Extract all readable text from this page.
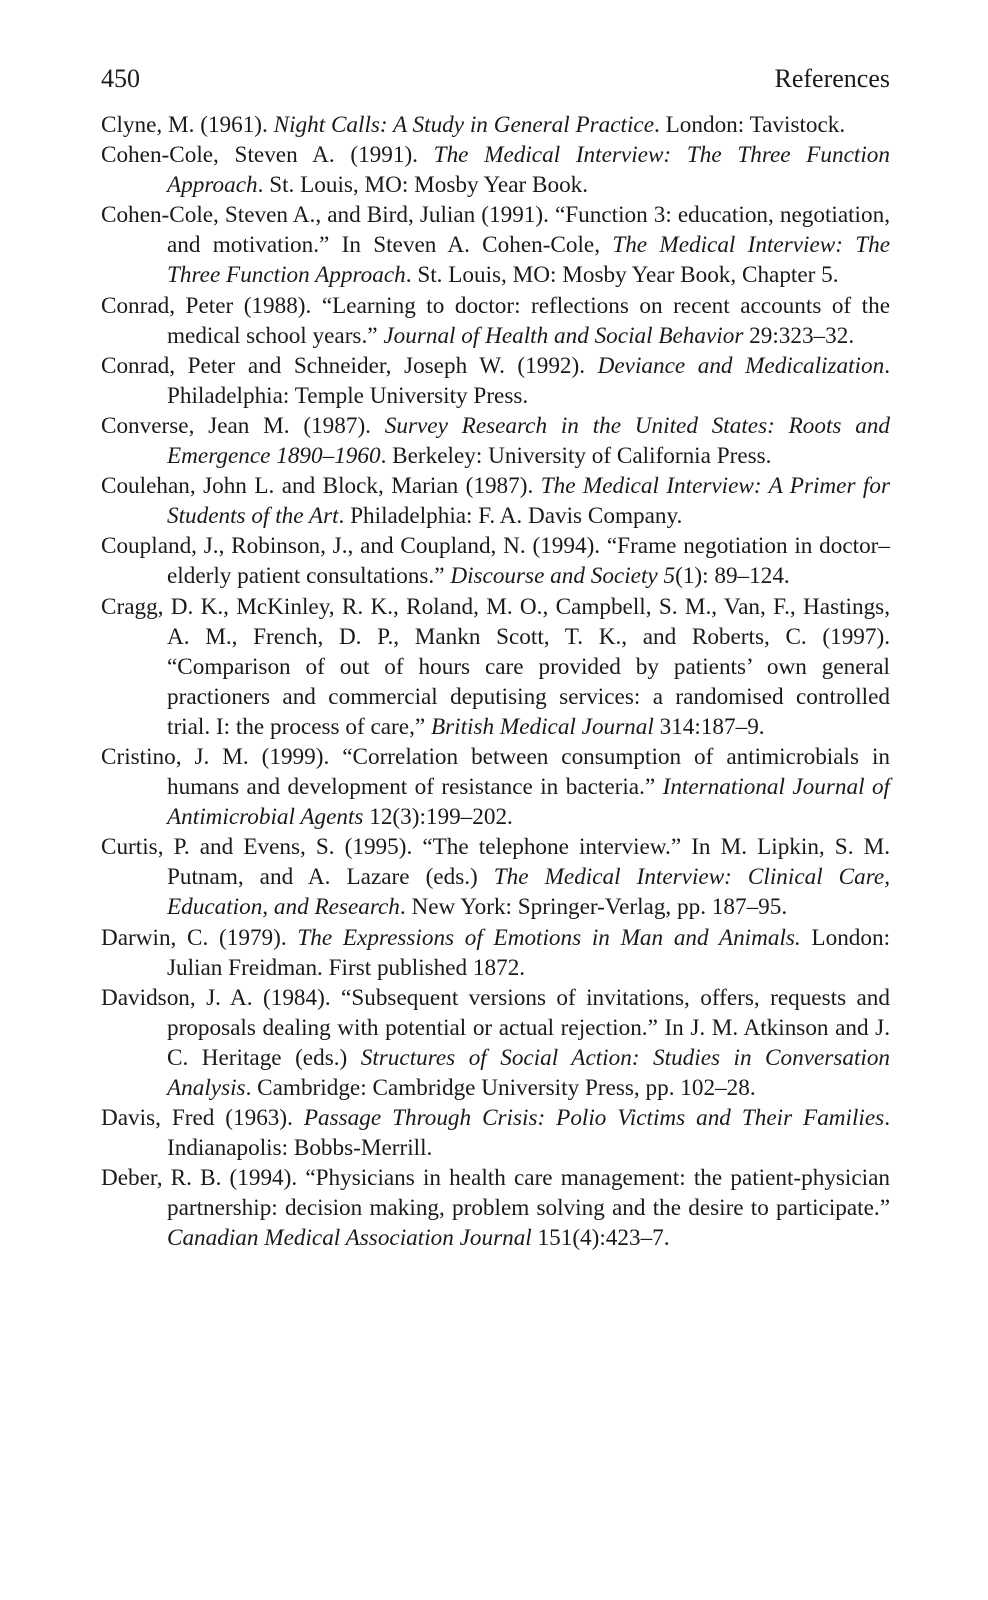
450	References
Clyne, M. (1961). Night Calls: A Study in General Practice. London: Tavistock.
Cohen-Cole, Steven A. (1991). The Medical Interview: The Three Function Approach. St. Louis, MO: Mosby Year Book.
Cohen-Cole, Steven A., and Bird, Julian (1991). “Function 3: education, negotiation, and motivation.” In Steven A. Cohen-Cole, The Medical Interview: The Three Function Approach. St. Louis, MO: Mosby Year Book, Chapter 5.
Conrad, Peter (1988). “Learning to doctor: reflections on recent accounts of the medical school years.” Journal of Health and Social Behavior 29:323–32.
Conrad, Peter and Schneider, Joseph W. (1992). Deviance and Medicalization. Philadelphia: Temple University Press.
Converse, Jean M. (1987). Survey Research in the United States: Roots and Emergence 1890–1960. Berkeley: University of California Press.
Coulehan, John L. and Block, Marian (1987). The Medical Interview: A Primer for Students of the Art. Philadelphia: F. A. Davis Company.
Coupland, J., Robinson, J., and Coupland, N. (1994). “Frame negotiation in doctor–elderly patient consultations.” Discourse and Society 5(1): 89–124.
Cragg, D. K., McKinley, R. K., Roland, M. O., Campbell, S. M., Van, F., Hastings, A. M., French, D. P., Mankn Scott, T. K., and Roberts, C. (1997). “Comparison of out of hours care provided by patients’ own general practioners and commercial deputising services: a randomised controlled trial. I: the process of care,” British Medical Journal 314:187–9.
Cristino, J. M. (1999). “Correlation between consumption of antimicrobials in humans and development of resistance in bacteria.” International Journal of Antimicrobial Agents 12(3):199–202.
Curtis, P. and Evens, S. (1995). “The telephone interview.” In M. Lipkin, S. M. Putnam, and A. Lazare (eds.) The Medical Interview: Clinical Care, Education, and Research. New York: Springer-Verlag, pp. 187–95.
Darwin, C. (1979). The Expressions of Emotions in Man and Animals. London: Julian Freidman. First published 1872.
Davidson, J. A. (1984). “Subsequent versions of invitations, offers, requests and proposals dealing with potential or actual rejection.” In J. M. Atkinson and J. C. Heritage (eds.) Structures of Social Action: Studies in Conversation Analysis. Cambridge: Cambridge University Press, pp. 102–28.
Davis, Fred (1963). Passage Through Crisis: Polio Victims and Their Families. Indianapolis: Bobbs-Merrill.
Deber, R. B. (1994). “Physicians in health care management: the patient-physician partnership: decision making, problem solving and the desire to participate.” Canadian Medical Association Journal 151(4):423–7.
